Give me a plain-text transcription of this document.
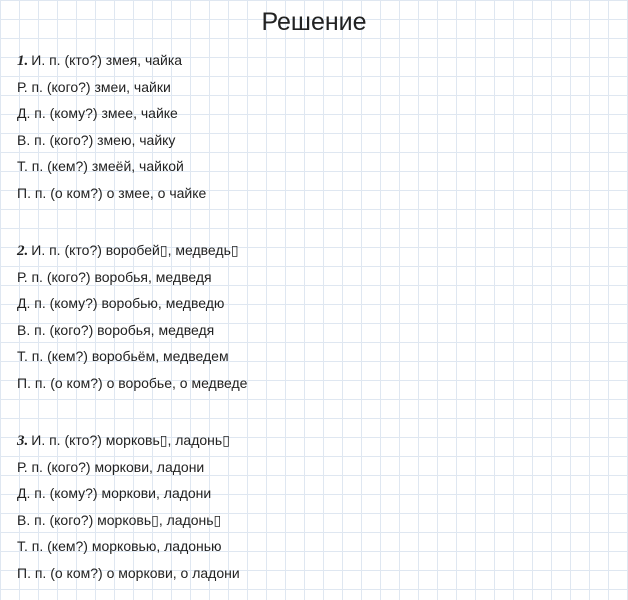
Решение
1. И. п. (кто?) змея, чайка
Р. п. (кого?) змеи, чайки
Д. п. (кому?) змее, чайке
В. п. (кого?) змею, чайку
Т. п. (кем?) змеёй, чайкой
П. п. (о ком?) о змее, о чайке
2. И. п. (кто?) воробей▯, медведь▯
Р. п. (кого?) воробья, медведя
Д. п. (кому?) воробью, медведю
В. п. (кого?) воробья, медведя
Т. п. (кем?) воробьём, медведем
П. п. (о ком?) о воробье, о медведе
3. И. п. (кто?) морковь▯, ладонь▯
Р. п. (кого?) моркови, ладони
Д. п. (кому?) моркови, ладони
В. п. (кого?) морковь▯, ладонь▯
Т. п. (кем?) морковью, ладонью
П. п. (о ком?) о моркови, о ладони
